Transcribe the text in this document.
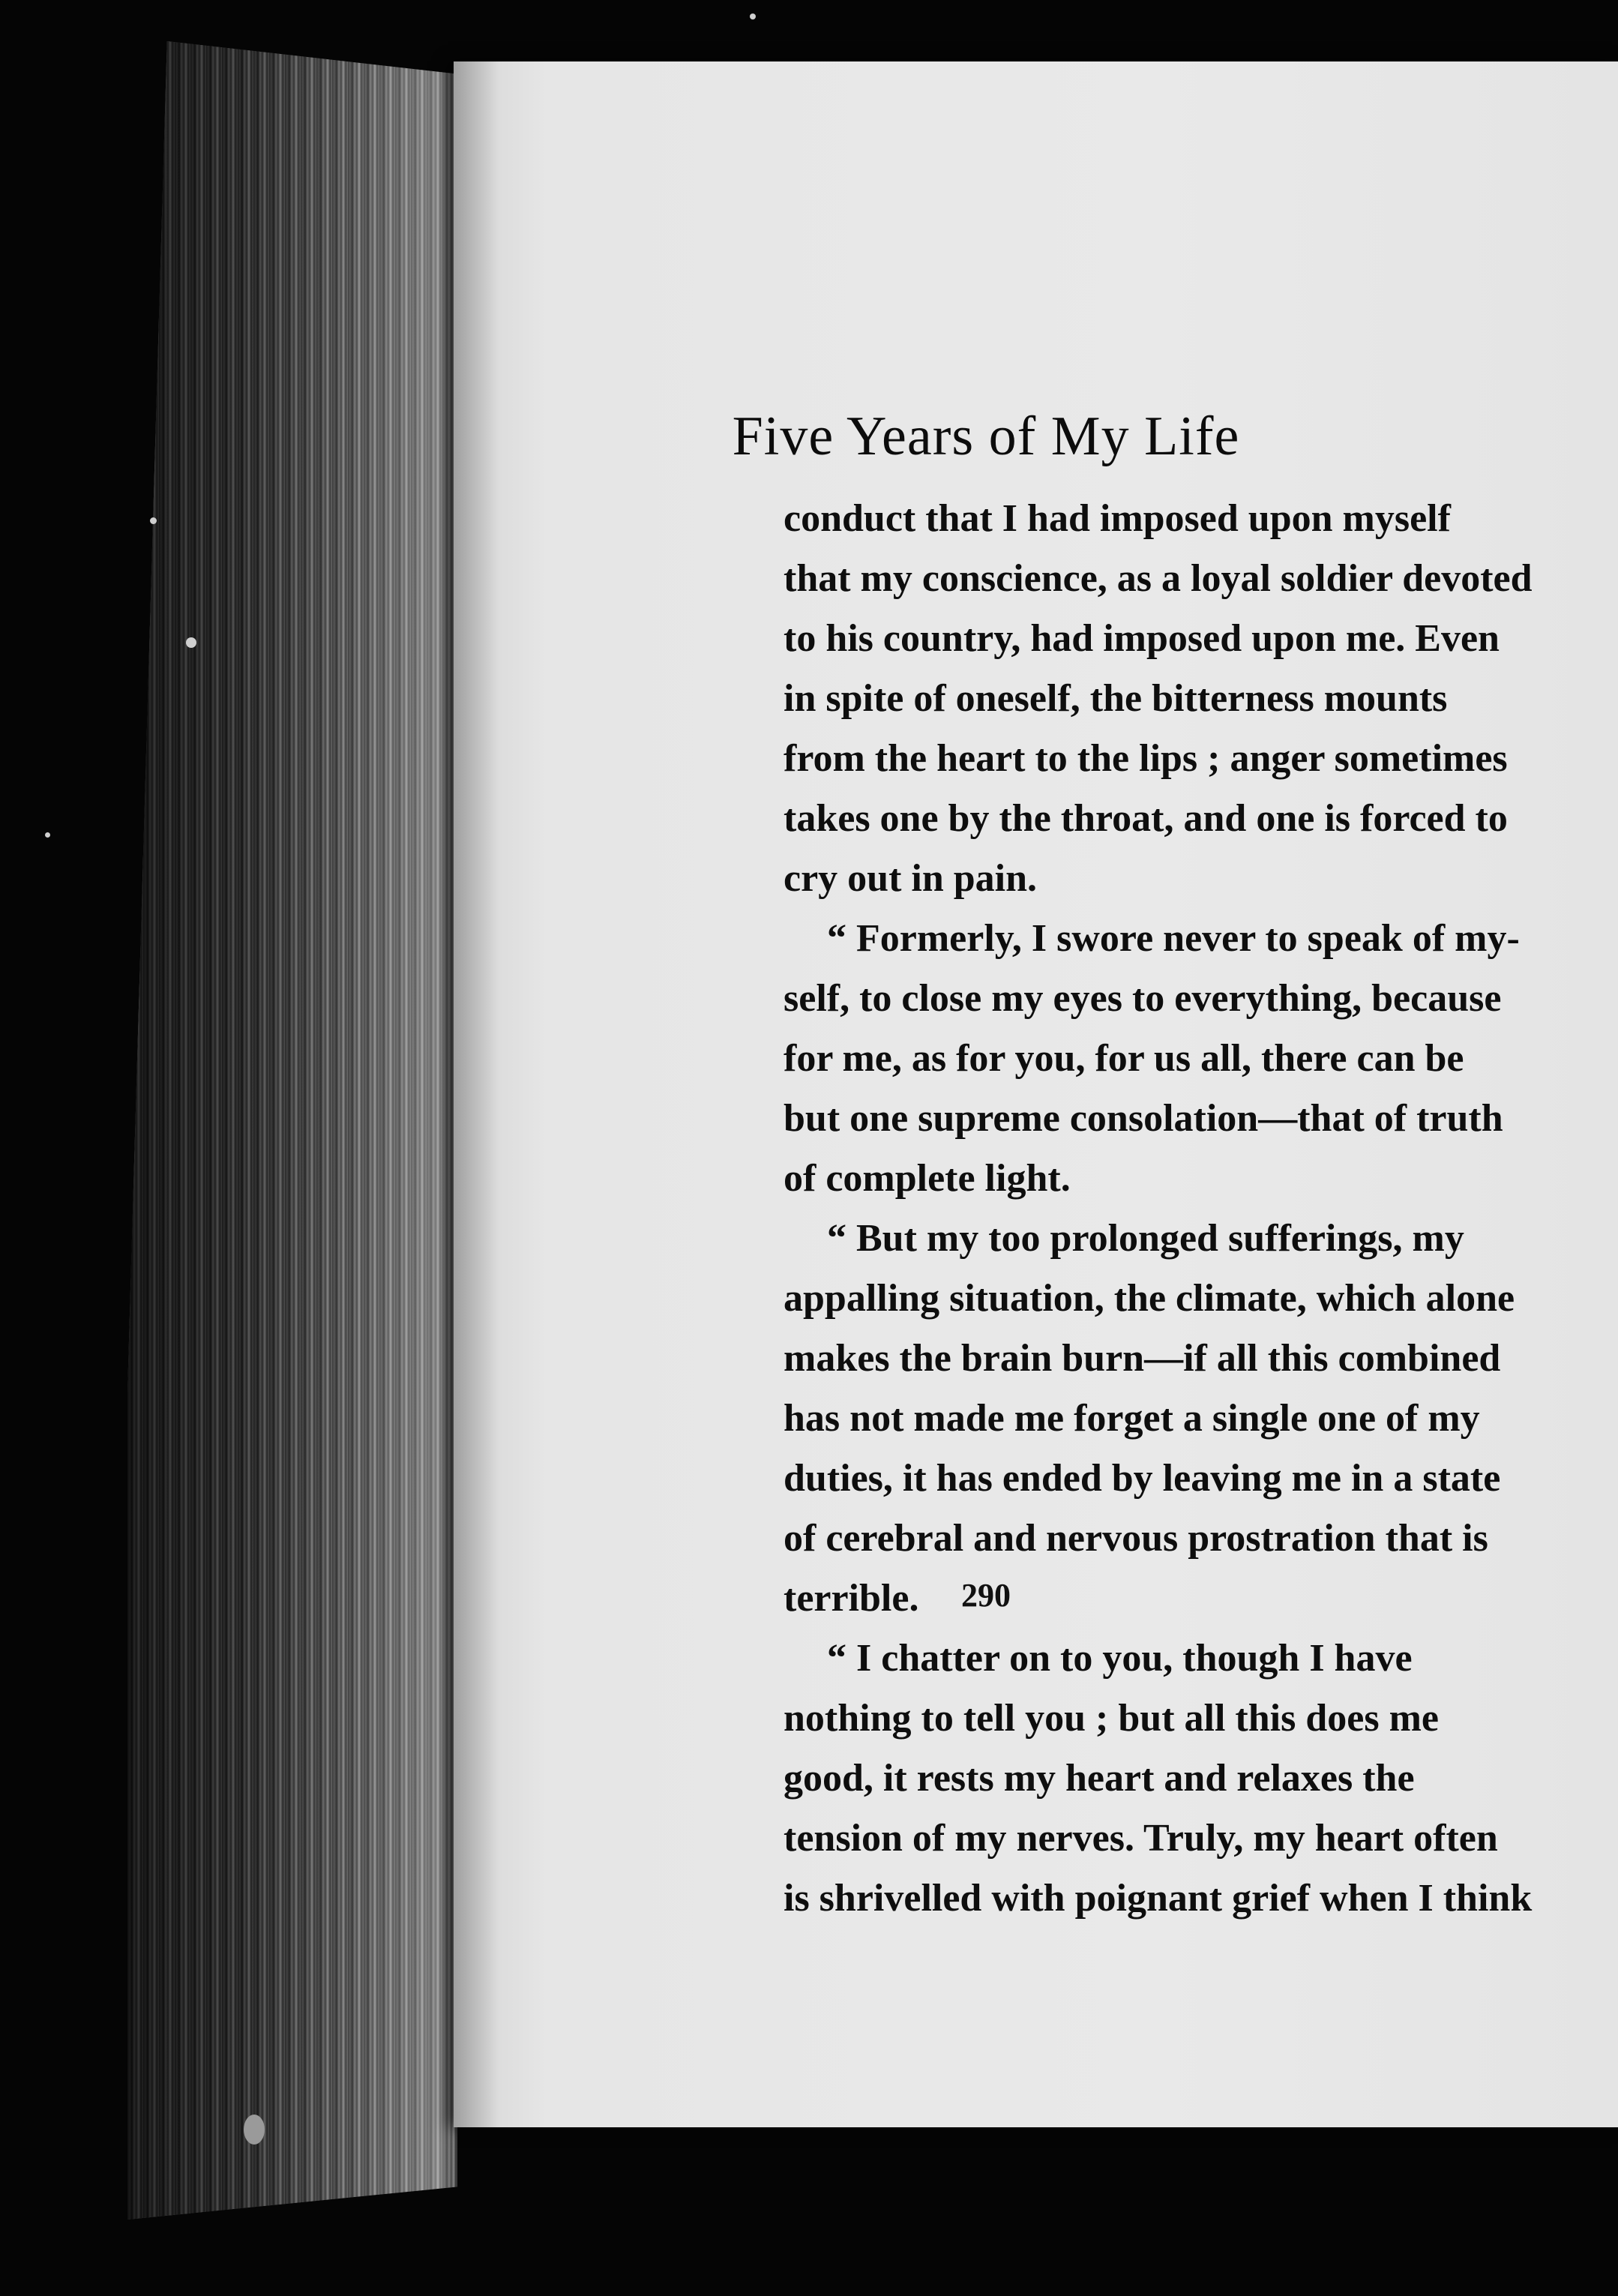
Five Years of My Life

conduct that I had imposed upon myself

that my conscience, as a loyal soldier devoted

to his country, had imposed upon me. Even

in spite of oneself, the bitterness mounts

from the heart to the lips ; anger sometimes

takes one by the throat, and one is forced to

cry out in pain.

“ Formerly, I swore never to speak of my-

self, to close my eyes to everything, because

for me, as for you, for us all, there can be

but one supreme consolation—that of truth

of complete light.

“ But my too prolonged sufferings, my

appalling situation, the climate, which alone

makes the brain burn—if all this combined

has not made me forget a single one of my

duties, it has ended by leaving me in a state

of cerebral and nervous prostration that is

terrible.

“ I chatter on to you, though I have

nothing to tell you ; but all this does me

good, it rests my heart and relaxes the

tension of my nerves. Truly, my heart often

is shrivelled with poignant grief when I think

290
